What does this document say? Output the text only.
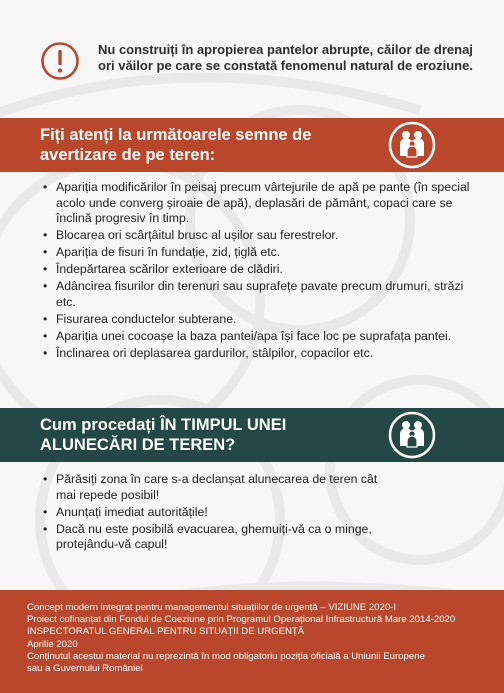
Nu construiți în apropierea pantelor abrupte, căilor de drenaj ori văilor pe care se constată fenomenul natural de eroziune.
Fiți atenți la următoarele semne de avertizare de pe teren:
• Apariția modificărilor în peisaj precum vârtejurile de apă pe pante (în special acolo unde converg șiroaie de apă), deplasări de pământ, copaci care se înclină progresiv în timp.
• Blocarea ori scârțâitul brusc al ușilor sau ferestrelor.
• Apariția de fisuri în fundație, zid, țiglă etc.
• Îndepărtarea scărilor exterioare de clădiri.
• Adâncirea fisurilor din terenuri sau suprafețe pavate precum drumuri, străzi etc.
• Fisurarea conductelor subterane.
• Apariția unei cocoașe la baza pantei/apa își face loc pe suprafața pantei.
• Înclinarea ori deplasarea gardurilor, stâlpilor, copacilor etc.
Cum procedați ÎN TIMPUL UNEI ALUNECĂRI DE TEREN?
• Părăsiți zona în care s-a declanșat alunecarea de teren cât mai repede posibil!
• Anunțați imediat autoritățile!
• Dacă nu este posibilă evacuarea, ghemuiți-vă ca o minge, protejându-vă capul!

Concept modern integrat pentru managementul situațiilor de urgență – VIZIUNE 2020-I

Proiect cofinanțat din Fondul de Coeziune prin Programul Operațional Infrastructură Mare 2014-2020

INSPECTORATUL GENERAL PENTRU SITUAȚII DE URGENȚĂ

Aprilie 2020

Conținutul acestui material nu reprezintă în mod obligatoriu poziția oficială a Uniunii Europene

sau a Guvernului României
